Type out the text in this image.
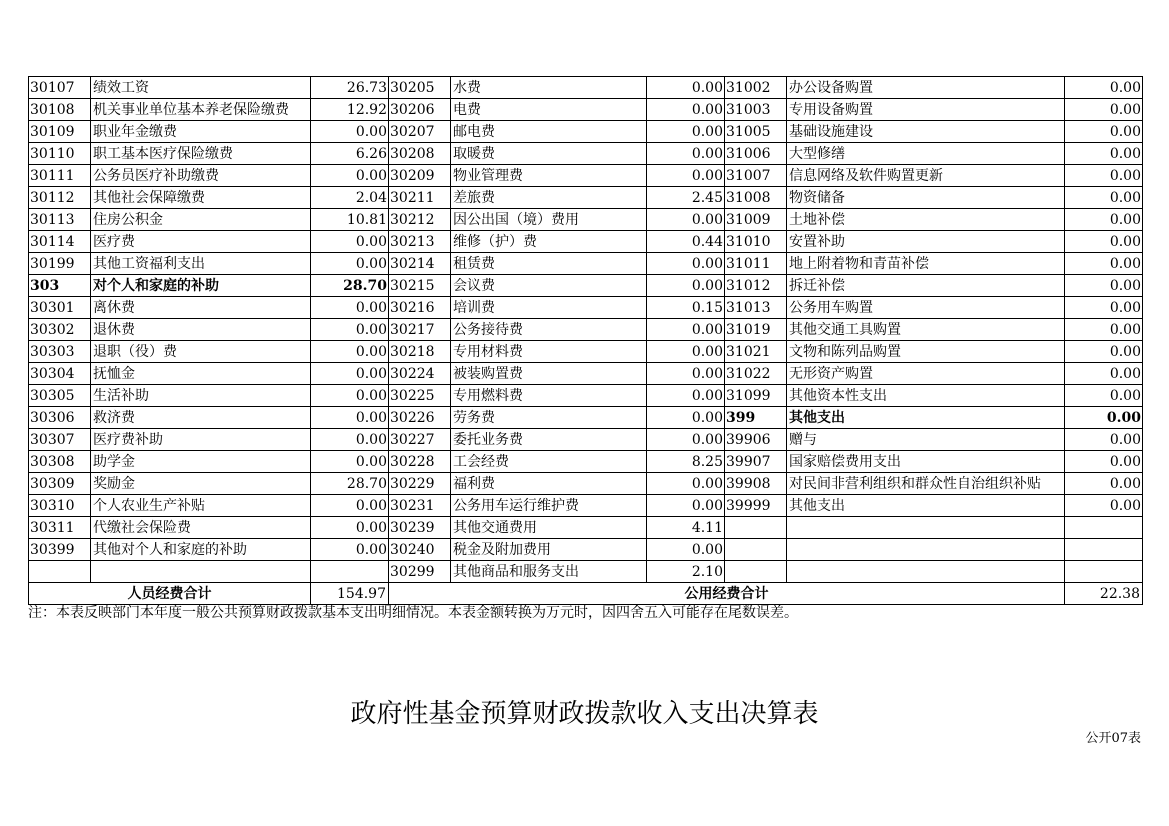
30107	绩效工资	26.73	30205	水费	0.00	31002	办公设备购置	0.00
30108	机关事业单位基本养老保险缴费	12.92	30206	电费	0.00	31003	专用设备购置	0.00
30109	职业年金缴费	0.00	30207	邮电费	0.00	31005	基础设施建设	0.00
30110	职工基本医疗保险缴费	6.26	30208	取暖费	0.00	31006	大型修缮	0.00
30111	公务员医疗补助缴费	0.00	30209	物业管理费	0.00	31007	信息网络及软件购置更新	0.00
30112	其他社会保障缴费	2.04	30211	差旅费	2.45	31008	物资储备	0.00
30113	住房公积金	10.81	30212	因公出国（境）费用	0.00	31009	土地补偿	0.00
30114	医疗费	0.00	30213	维修（护）费	0.44	31010	安置补助	0.00
30199	其他工资福利支出	0.00	30214	租赁费	0.00	31011	地上附着物和青苗补偿	0.00
303	对个人和家庭的补助	28.70	30215	会议费	0.00	31012	拆迁补偿	0.00
30301	离休费	0.00	30216	培训费	0.15	31013	公务用车购置	0.00
30302	退休费	0.00	30217	公务接待费	0.00	31019	其他交通工具购置	0.00
30303	退职（役）费	0.00	30218	专用材料费	0.00	31021	文物和陈列品购置	0.00
30304	抚恤金	0.00	30224	被装购置费	0.00	31022	无形资产购置	0.00
30305	生活补助	0.00	30225	专用燃料费	0.00	31099	其他资本性支出	0.00
30306	救济费	0.00	30226	劳务费	0.00	399	其他支出	0.00
30307	医疗费补助	0.00	30227	委托业务费	0.00	39906	赠与	0.00
30308	助学金	0.00	30228	工会经费	8.25	39907	国家赔偿费用支出	0.00
30309	奖励金	28.70	30229	福利费	0.00	39908	对民间非营利组织和群众性自治组织补贴	0.00
30310	个人农业生产补贴	0.00	30231	公务用车运行维护费	0.00	39999	其他支出	0.00
30311	代缴社会保险费	0.00	30239	其他交通费用	4.11			
30399	其他对个人和家庭的补助	0.00	30240	税金及附加费用	0.00			
			30299	其他商品和服务支出	2.10			
人员经费合计		154.97	公用经费合计					22.38
注：本表反映部门本年度一般公共预算财政拨款基本支出明细情况。本表金额转换为万元时，因四舍五入可能存在尾数误差。
政府性基金预算财政拨款收入支出决算表
公开07表
